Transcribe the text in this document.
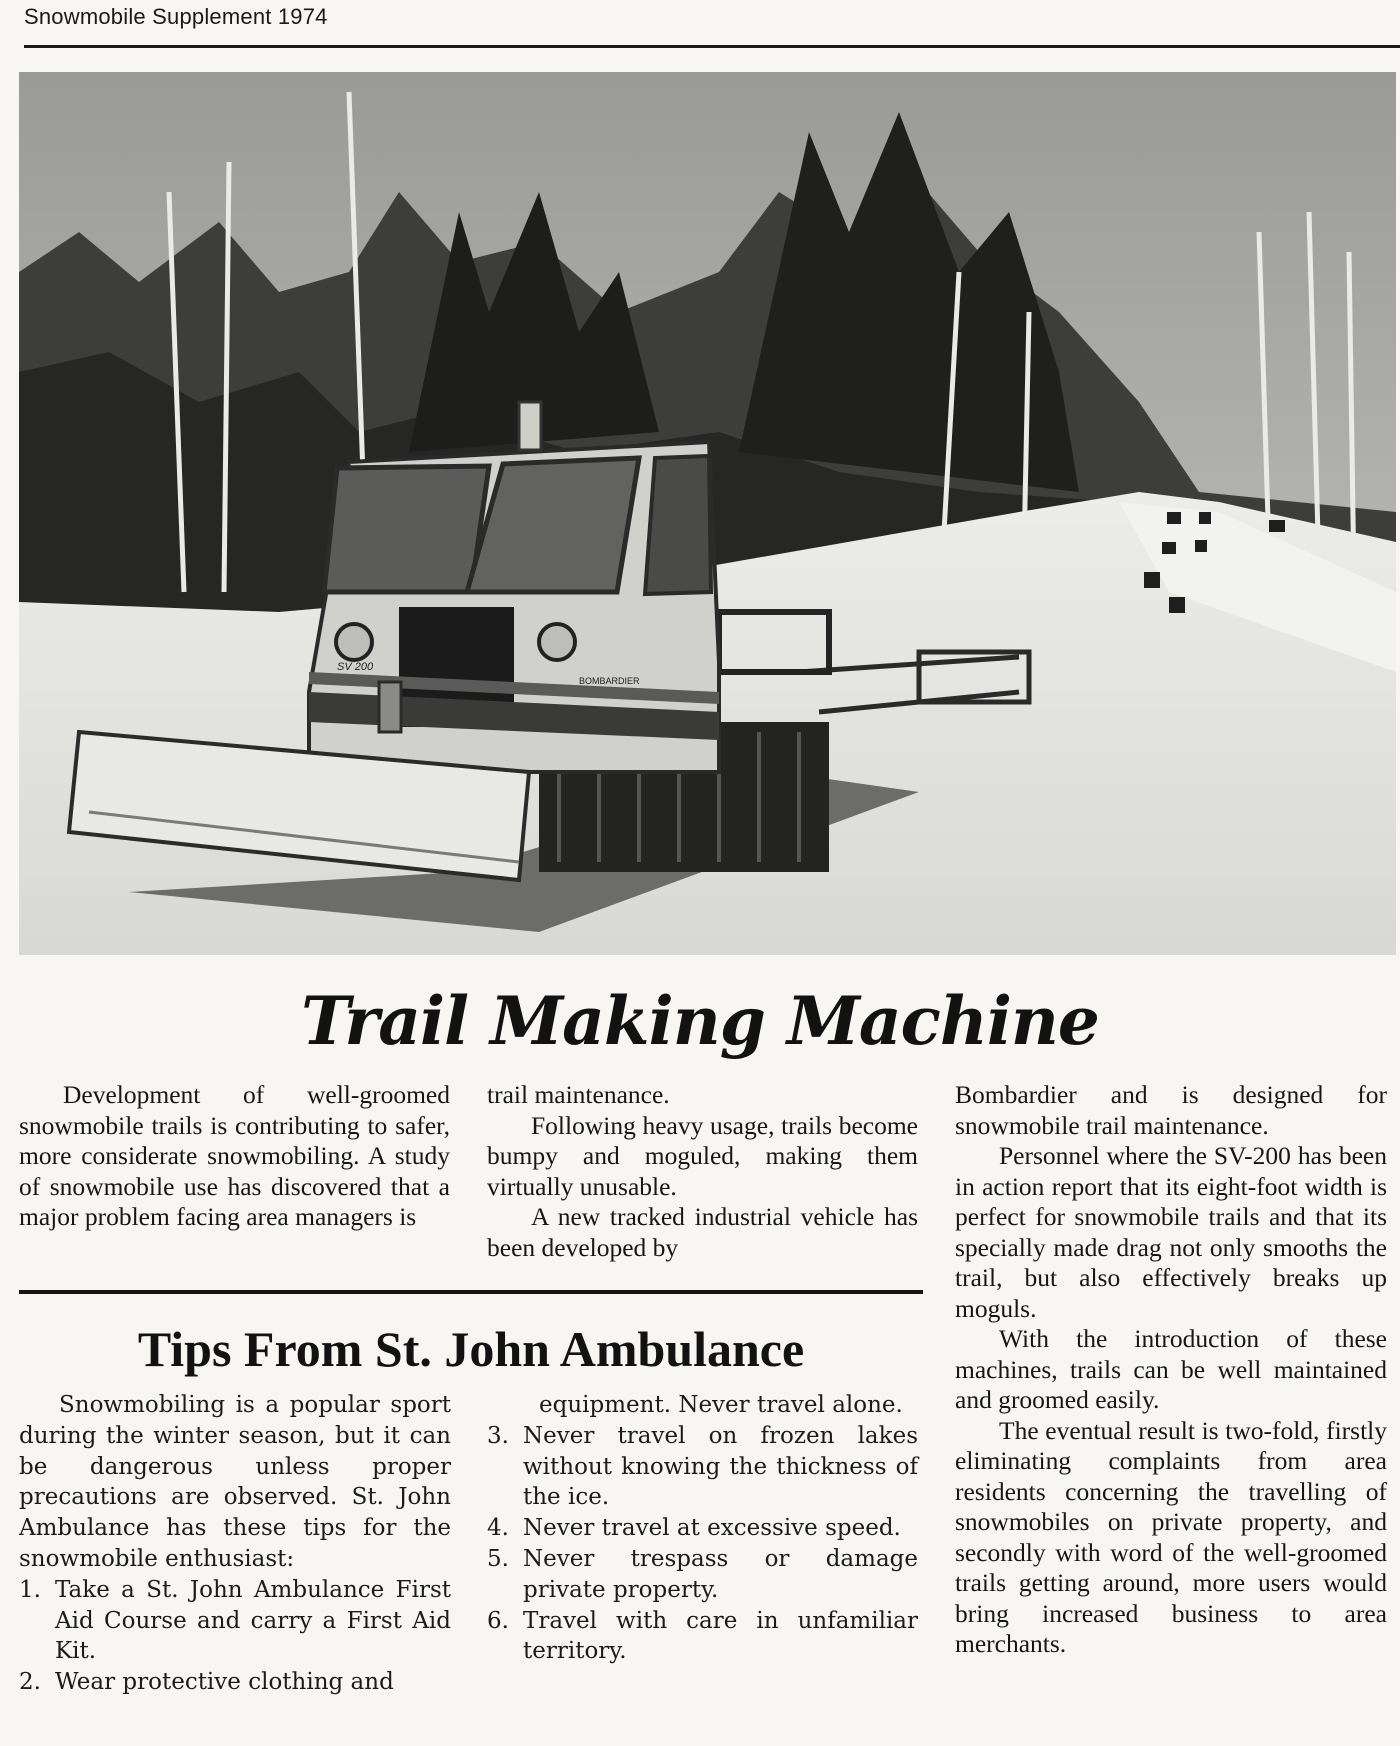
Snowmobile Supplement 1974
SV 200
BOMBARDIER
Trail Making Machine

Development of well-groomed snowmobile trails is contributing to safer, more considerate snowmobiling. A study of snowmobile use has discovered that a major problem facing area managers is

trail maintenance.

Following heavy usage, trails become bumpy and moguled, making them virtually unusable.

A new tracked industrial vehicle has been developed by

Bombardier and is designed for snowmobile trail maintenance.

Personnel where the SV-200 has been in action report that its eight-foot width is perfect for snowmobile trails and that its specially made drag not only smooths the trail, but also effectively breaks up moguls.

With the introduction of these machines, trails can be well maintained and groomed easily.

The eventual result is two-fold, firstly eliminating complaints from area residents concerning the travelling of snowmobiles on private property, and secondly with word of the well-groomed trails getting around, more users would bring increased business to area merchants.

Tips From St. John Ambulance

Snowmobiling is a popular sport during the winter season, but it can be dangerous unless proper precautions are observed. St. John Ambulance has these tips for the snowmobile enthusiast:

1. Take a St. John Ambulance First Aid Course and carry a First Aid Kit.
2. Wear protective clothing and

equipment. Never travel alone.

3. Never travel on frozen lakes without knowing the thickness of the ice.
4. Never travel at excessive speed.
5. Never trespass or damage private property.
6. Travel with care in unfamiliar territory.
